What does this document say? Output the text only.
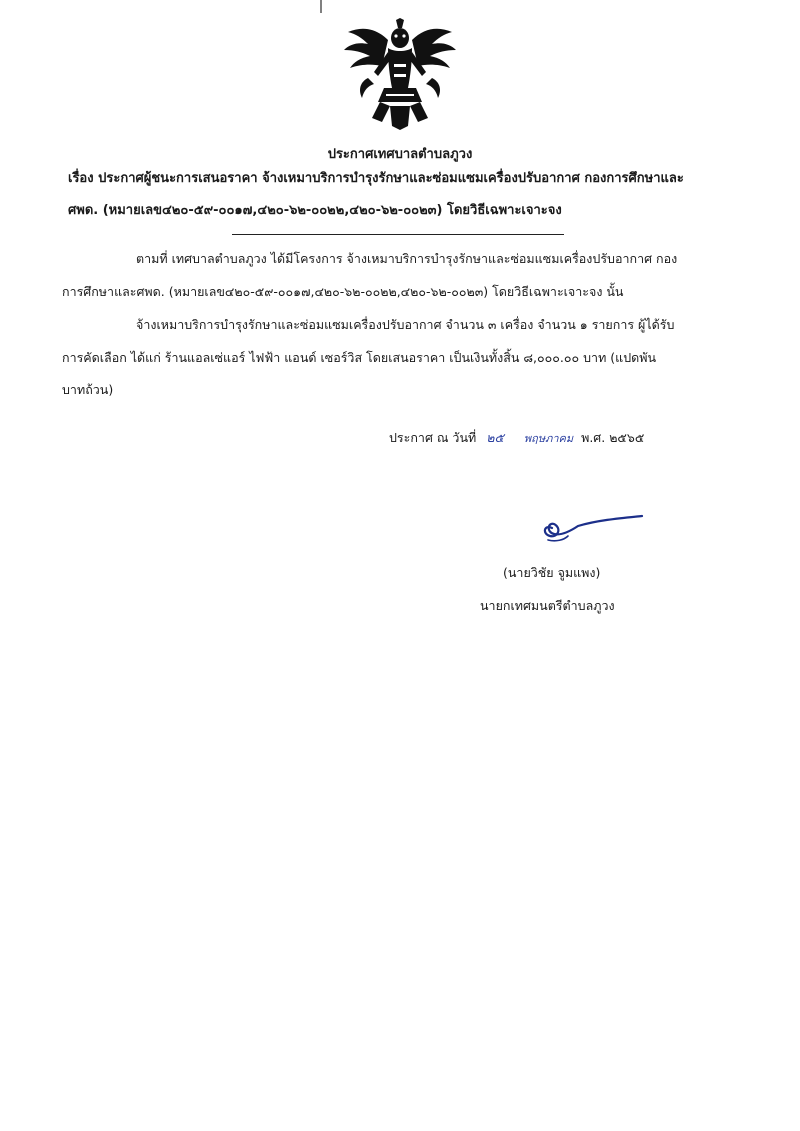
ประกาศเทศบาลตำบลภูวง
เรื่อง ประกาศผู้ชนะการเสนอราคา จ้างเหมาบริการบำรุงรักษาและซ่อมแซมเครื่องปรับอากาศ กองการศึกษาและ
ศพด. (หมายเลข๔๒๐-๕๙-๐๐๑๗,๔๒๐-๖๒-๐๐๒๒,๔๒๐-๖๒-๐๐๒๓) โดยวิธีเฉพาะเจาะจง
ตามที่ เทศบาลตำบลภูวง ได้มีโครงการ จ้างเหมาบริการบำรุงรักษาและซ่อมแซมเครื่องปรับอากาศ กอง
การศึกษาและศพด. (หมายเลข๔๒๐-๕๙-๐๐๑๗,๔๒๐-๖๒-๐๐๒๒,๔๒๐-๖๒-๐๐๒๓) โดยวิธีเฉพาะเจาะจง นั้น
จ้างเหมาบริการบำรุงรักษาและซ่อมแซมเครื่องปรับอากาศ จำนวน ๓ เครื่อง จำนวน ๑ รายการ ผู้ได้รับ
การคัดเลือก ได้แก่ ร้านแอลเซ่แอร์ ไฟฟ้า แอนด์ เซอร์วิส โดยเสนอราคา เป็นเงินทั้งสิ้น ๘,๐๐๐.๐๐ บาท (แปดพัน
บาทถ้วน)
ประกาศ ณ วันที่ ๒๕ พฤษภาคม พ.ศ. ๒๕๖๕
(นายวิชัย จูมแพง)
นายกเทศมนตรีตำบลภูวง
